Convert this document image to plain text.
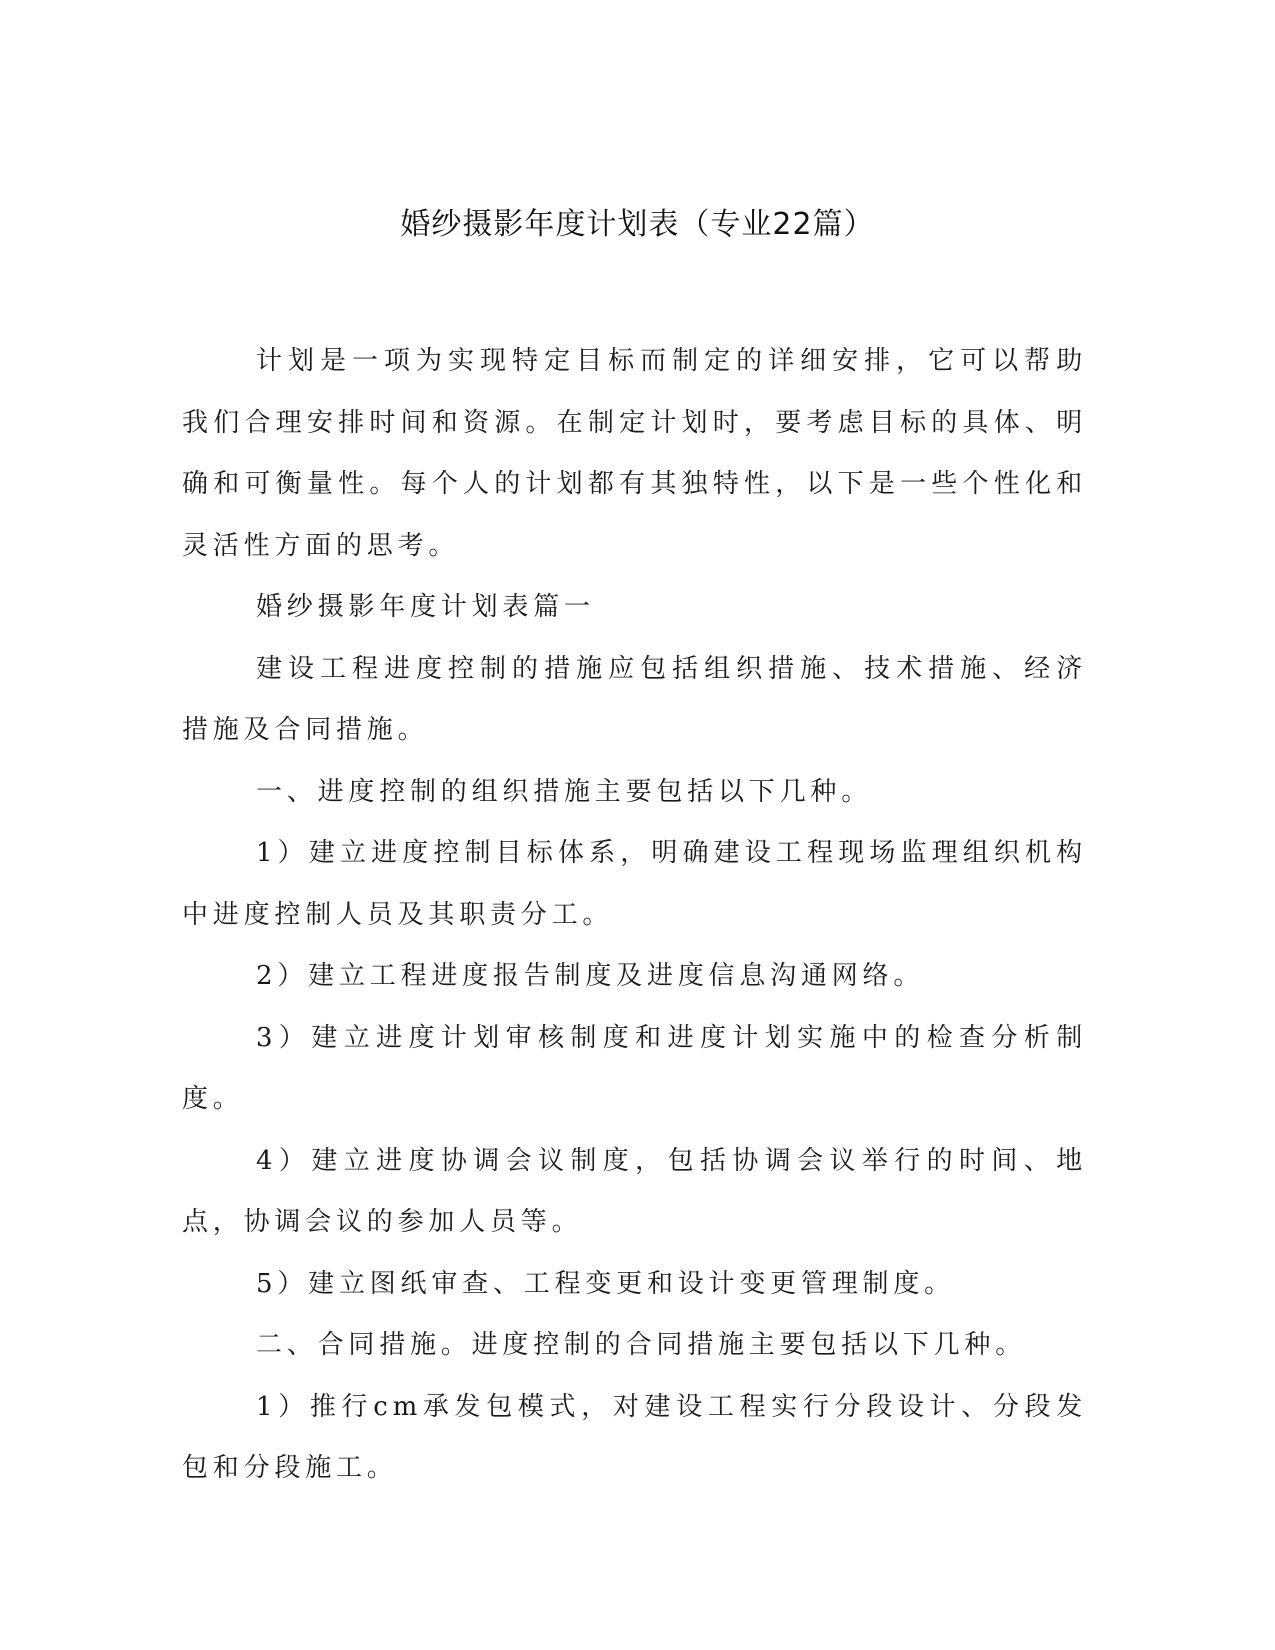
婚纱摄影年度计划表（专业22篇）

计划是一项为实现特定目标而制定的详细安排，它可以帮助我们合理安排时间和资源。在制定计划时，要考虑目标的具体、明确和可衡量性。每个人的计划都有其独特性，以下是一些个性化和灵活性方面的思考。

婚纱摄影年度计划表篇一

建设工程进度控制的措施应包括组织措施、技术措施、经济措施及合同措施。

一、进度控制的组织措施主要包括以下几种。

1）建立进度控制目标体系，明确建设工程现场监理组织机构中进度控制人员及其职责分工。

2）建立工程进度报告制度及进度信息沟通网络。

3）建立进度计划审核制度和进度计划实施中的检查分析制度。

4）建立进度协调会议制度，包括协调会议举行的时间、地点，协调会议的参加人员等。

5）建立图纸审查、工程变更和设计变更管理制度。

二、合同措施。进度控制的合同措施主要包括以下几种。

1）推行cm承发包模式，对建设工程实行分段设计、分段发包和分段施工。
